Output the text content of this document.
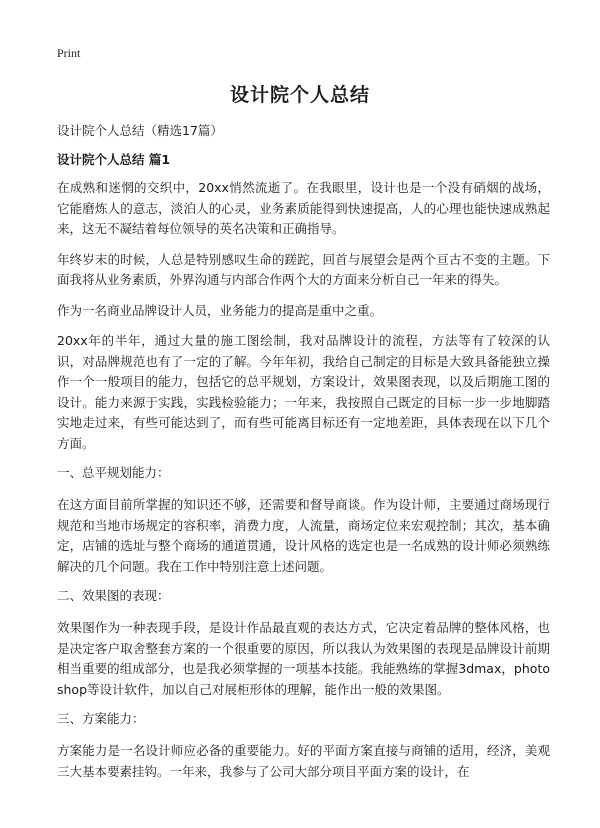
Print
设计院个人总结

设计院个人总结（精选17篇）

设计院个人总结 篇1

在成熟和迷惘的交织中，20xx悄然流逝了。在我眼里，设计也是一个没有硝烟的战场，它能磨炼人的意志，淡泊人的心灵，业务素质能得到快速提高，人的心理也能快速成熟起来，这无不凝结着每位领导的英名决策和正确指导。

年终岁末的时候，人总是特别感叹生命的蹉跎，回首与展望会是两个亘古不变的主题。下面我将从业务素质，外界沟通与内部合作两个大的方面来分析自己一年来的得失。

作为一名商业品牌设计人员，业务能力的提高是重中之重。

20xx年的半年，通过大量的施工图绘制，我对品牌设计的流程，方法等有了较深的认识，对品牌规范也有了一定的了解。今年年初，我给自己制定的目标是大致具备能独立操作一个一般项目的能力，包括它的总平规划，方案设计，效果图表现，以及后期施工图的设计。能力来源于实践，实践检验能力；一年来，我按照自己既定的目标一步一步地脚踏实地走过来，有些可能达到了，而有些可能离目标还有一定地差距，具体表现在以下几个方面。

一、总平规划能力：

在这方面目前所掌握的知识还不够，还需要和督导商谈。作为设计师，主要通过商场现行规范和当地市场规定的容积率，消费力度，人流量，商场定位来宏观控制；其次，基本确定，店铺的选址与整个商场的通道贯通，设计风格的选定也是一名成熟的设计师必须熟练解决的几个问题。我在工作中特别注意上述问题。

二、效果图的表现：

效果图作为一种表现手段，是设计作品最直观的表达方式，它决定着品牌的整体风格，也是决定客户取舍整套方案的一个很重要的原因，所以我认为效果图的表现是品牌设计前期相当重要的组成部分，也是我必须掌握的一项基本技能。我能熟练的掌握3dmax，photoshop等设计软件，加以自己对展柜形体的理解，能作出一般的效果图。

三、方案能力：

方案能力是一名设计师应必备的重要能力。好的平面方案直接与商铺的适用，经济，美观三大基本要素挂钩。一年来，我参与了公司大部分项目平面方案的设计，在
